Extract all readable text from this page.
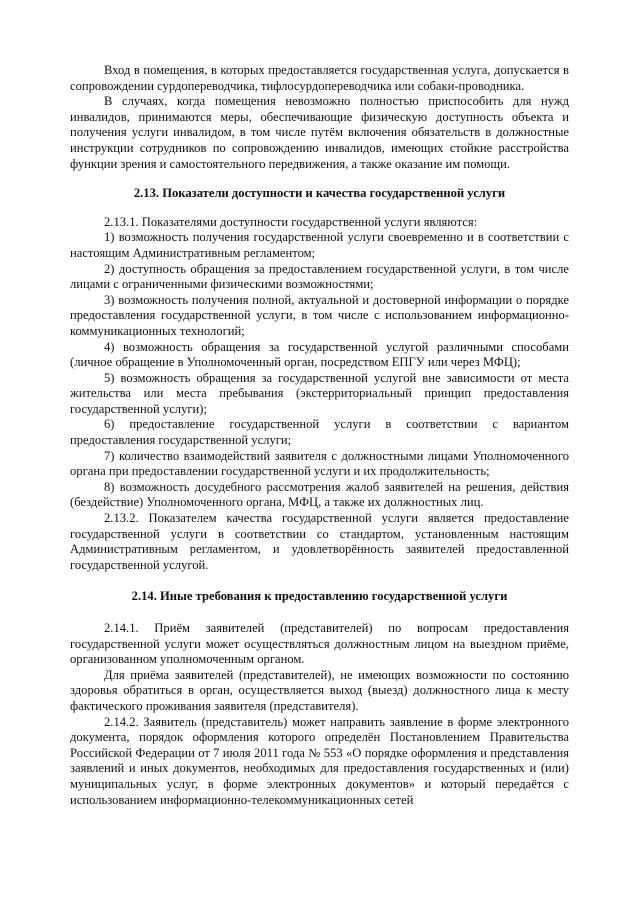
Вход в помещения, в которых предоставляется государственная услуга, допускается в сопровождении сурдопереводчика, тифлосурдопереводчика или собаки-проводника.

В случаях, когда помещения невозможно полностью приспособить для нужд инвалидов, принимаются меры, обеспечивающие физическую доступность объекта и получения услуги инвалидом, в том числе путём включения обязательств в должностные инструкции сотрудников по сопровождению инвалидов, имеющих стойкие расстройства функции зрения и самостоятельного передвижения, а также оказание им помощи.

2.13. Показатели доступности и качества государственной услуги

2.13.1. Показателями доступности государственной услуги являются:

1) возможность получения государственной услуги своевременно и в соответствии с настоящим Административным регламентом;

2) доступность обращения за предоставлением государственной услуги, в том числе лицами с ограниченными физическими возможностями;

3) возможность получения полной, актуальной и достоверной информации о порядке предоставления государственной услуги, в том числе с использованием информационно-коммуникационных технологий;

4) возможность обращения за государственной услугой различными способами (личное обращение в Уполномоченный орган, посредством ЕПГУ или через МФЦ);

5) возможность обращения за государственной услугой вне зависимости от места жительства или места пребывания (экстерриториальный принцип предоставления государственной услуги);

6) предоставление государственной услуги в соответствии с вариантом предоставления государственной услуги;

7) количество взаимодействий заявителя с должностными лицами Уполномоченного органа при предоставлении государственной услуги и их продолжительность;

8) возможность досудебного рассмотрения жалоб заявителей на решения, действия (бездействие) Уполномоченного органа, МФЦ, а также их должностных лиц.

2.13.2. Показателем качества государственной услуги является предоставление государственной услуги в соответствии со стандартом, установленным настоящим Административным регламентом, и удовлетворённость заявителей предоставленной государственной услугой.

2.14. Иные требования к предоставлению государственной услуги

2.14.1. Приём заявителей (представителей) по вопросам предоставления государственной услуги может осуществляться должностным лицом на выездном приёме, организованном уполномоченным органом.

Для приёма заявителей (представителей), не имеющих возможности по состоянию здоровья обратиться в орган, осуществляется выход (выезд) должностного лица к месту фактического проживания заявителя (представителя).

2.14.2. Заявитель (представитель) может направить заявление в форме электронного документа, порядок оформления которого определён Постановлением Правительства Российской Федерации от 7 июля 2011 года № 553 «О порядке оформления и представления заявлений и иных документов, необходимых для предоставления государственных и (или) муниципальных услуг, в форме электронных документов» и который передаётся с использованием информационно-телекоммуникационных сетей
